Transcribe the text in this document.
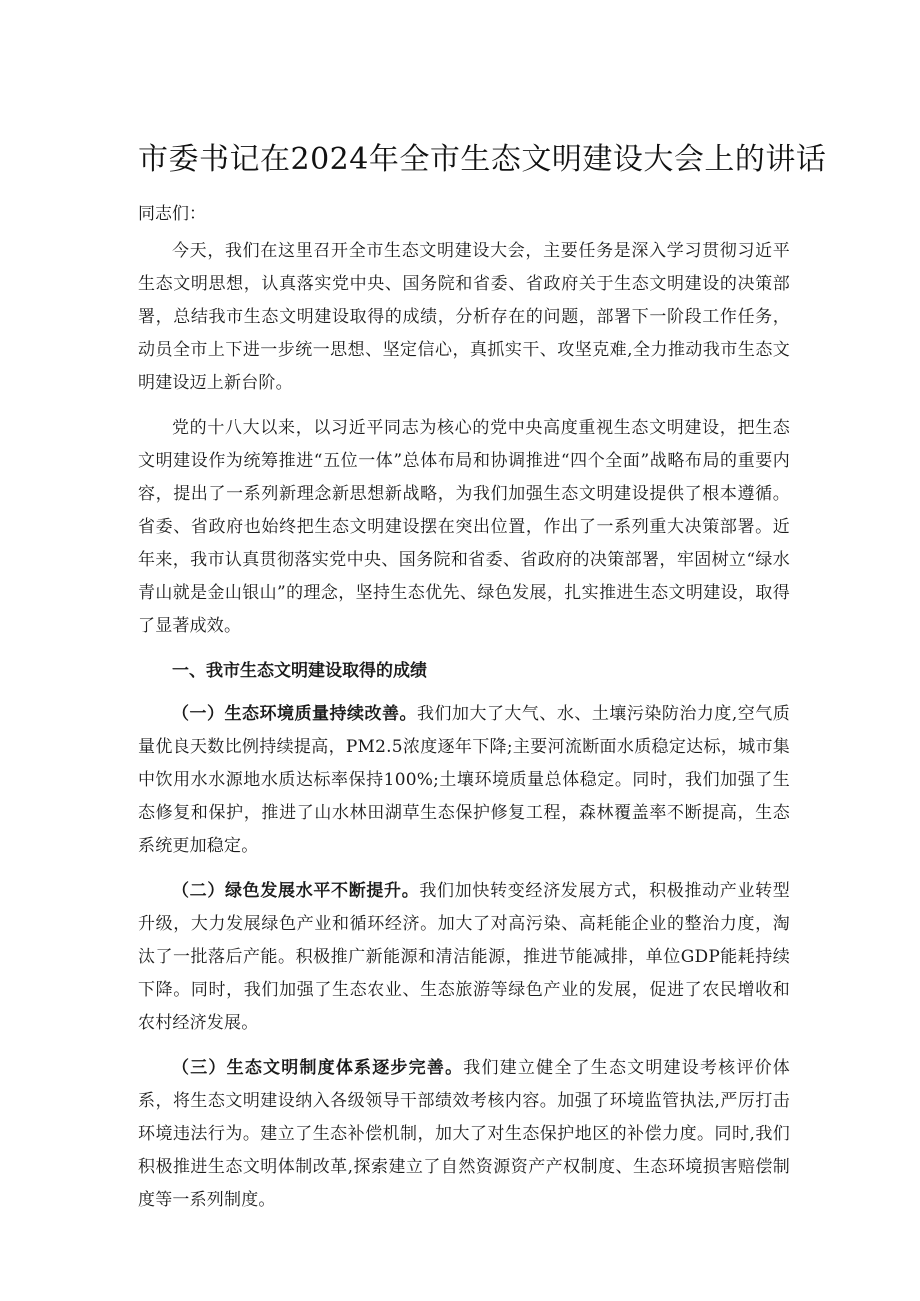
市委书记在2024年全市生态文明建设大会上的讲话
同志们：

今天，我们在这里召开全市生态文明建设大会，主要任务是深入学习贯彻习近平生态文明思想，认真落实党中央、国务院和省委、省政府关于生态文明建设的决策部署，总结我市生态文明建设取得的成绩，分析存在的问题，部署下一阶段工作任务，动员全市上下进一步统一思想、坚定信心，真抓实干、攻坚克难,全力推动我市生态文明建设迈上新台阶。

党的十八大以来，以习近平同志为核心的党中央高度重视生态文明建设，把生态文明建设作为统筹推进“五位一体”总体布局和协调推进“四个全面”战略布局的重要内容，提出了一系列新理念新思想新战略，为我们加强生态文明建设提供了根本遵循。省委、省政府也始终把生态文明建设摆在突出位置，作出了一系列重大决策部署。近年来，我市认真贯彻落实党中央、国务院和省委、省政府的决策部署，牢固树立“绿水青山就是金山银山”的理念，坚持生态优先、绿色发展，扎实推进生态文明建设，取得了显著成效。

一、我市生态文明建设取得的成绩

（一）生态环境质量持续改善。我们加大了大气、水、土壤污染防治力度,空气质量优良天数比例持续提高，PM2.5浓度逐年下降;主要河流断面水质稳定达标，城市集中饮用水水源地水质达标率保持100%;土壤环境质量总体稳定。同时，我们加强了生态修复和保护，推进了山水林田湖草生态保护修复工程，森林覆盖率不断提高，生态系统更加稳定。

（二）绿色发展水平不断提升。我们加快转变经济发展方式，积极推动产业转型升级，大力发展绿色产业和循环经济。加大了对高污染、高耗能企业的整治力度，淘汰了一批落后产能。积极推广新能源和清洁能源，推进节能减排，单位GDP能耗持续下降。同时，我们加强了生态农业、生态旅游等绿色产业的发展，促进了农民增收和农村经济发展。

（三）生态文明制度体系逐步完善。我们建立健全了生态文明建设考核评价体系，将生态文明建设纳入各级领导干部绩效考核内容。加强了环境监管执法,严厉打击环境违法行为。建立了生态补偿机制，加大了对生态保护地区的补偿力度。同时,我们积极推进生态文明体制改革,探索建立了自然资源资产产权制度、生态环境损害赔偿制度等一系列制度。
